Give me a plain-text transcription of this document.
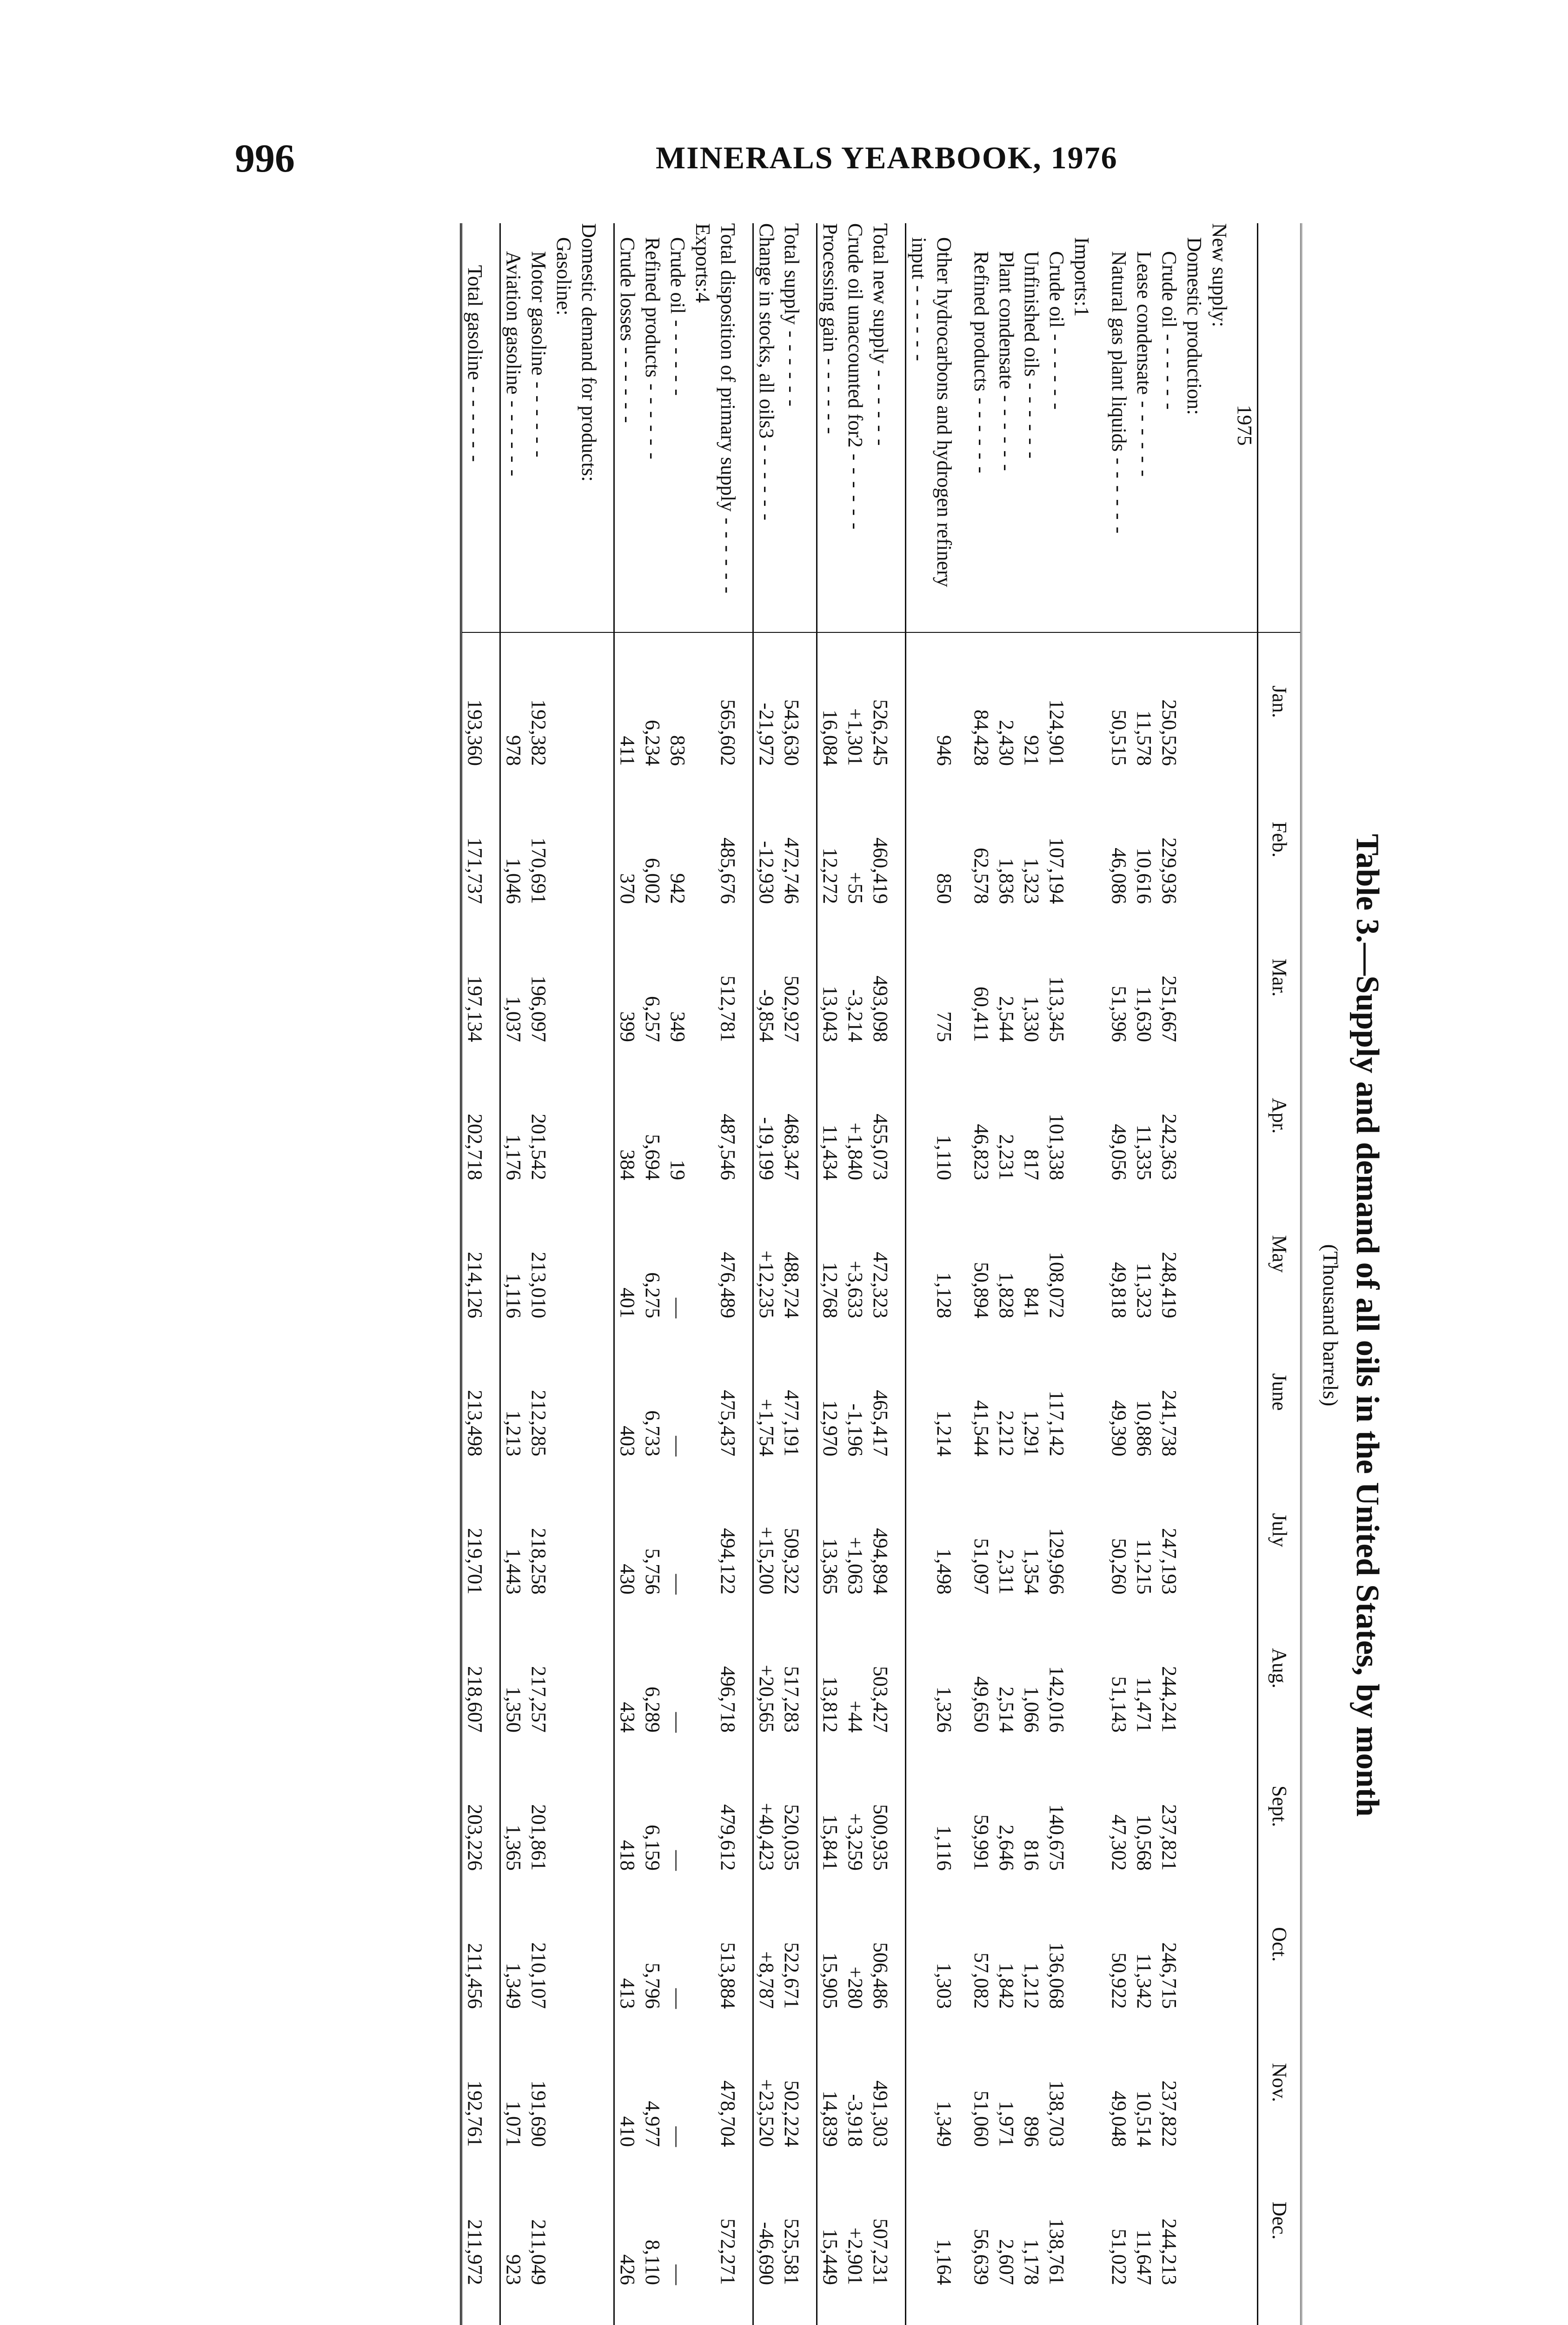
996	MINERALS YEARBOOK, 1976
Table 3.—Supply and demand of all oils in the United States, by month
(Thousand barrels)
	Jan.	Feb.	Mar.	Apr.	May	June	July	Aug.	Sept.	Oct.	Nov.	Dec.	
1975													
New supply:													
Domestic production:													
Crude oil - - -	250,526	229,936	251,667	242,363	248,419	241,738	247,193	244,241	237,821	246,715	237,822	244,213	
Lease condensate - - -	11,578	10,616	11,630	11,335	11,323	10,886	11,215	11,471	10,568	11,342	10,514	11,647	
Natural gas plant liquids - - -	50,515	46,086	51,396	49,056	49,818	49,390	50,260	51,143	47,302	50,922	49,048	51,022	

Imports:1													
Crude oil - - -	124,901	107,194	113,345	101,338	108,072	117,142	129,966	142,016	140,675	136,068	138,703	138,761	
Unfinished oils - - -	921	1,323	1,330	817	841	1,291	1,354	1,066	816	1,212	896	1,178	
Plant condensate - - -	2,430	1,836	2,544	2,231	1,828	2,212	2,311	2,514	2,646	1,842	1,971	2,607	
Refined products - - -	84,428	62,578	60,411	46,823	50,894	41,544	51,097	49,650	59,991	57,082	51,060	56,639	

Other hydrocarbons and hydrogen refinery input - - -	946	850	775	1,110	1,128	1,214	1,498	1,326	1,116	1,303	1,349	1,164	

Total new supply - - -	526,245	460,419	493,098	455,073	472,323	465,417	494,894	503,427	500,935	506,486	491,303	507,231	
Crude oil unaccounted for2 - - -	+1,301	+55	-3,214	+1,840	+3,633	-1,196	+1,063	+44	+3,259	+280	-3,918	+2,901	
Processing gain - - -	16,084	12,272	13,043	11,434	12,768	12,970	13,365	13,812	15,841	15,905	14,839	15,449	

Total supply - - -	543,630	472,746	502,927	468,347	488,724	477,191	509,322	517,283	520,035	522,671	502,224	525,581	
Change in stocks, all oils3 - - -	-21,972	-12,930	-9,854	-19,199	+12,235	+1,754	+15,200	+20,565	+40,423	+8,787	+23,520	-46,690	

Total disposition of primary supply - - -	565,602	485,676	512,781	487,546	476,489	475,437	494,122	496,718	479,612	513,884	478,704	572,271	
Exports:4													
Crude oil - - -	836	942	349	19	—	—	—	—	—	—	—	—	
Refined products - - -	6,234	6,002	6,257	5,694	6,275	6,733	5,756	6,289	6,159	5,796	4,977	8,110	
Crude losses - - -	411	370	399	384	401	403	430	434	418	413	410	426	

Domestic demand for products:													
Gasoline:													
Motor gasoline - - -	192,382	170,691	196,097	201,542	213,010	212,285	218,258	217,257	201,861	210,107	191,690	211,049	
Aviation gasoline - - -	978	1,046	1,037	1,176	1,116	1,213	1,443	1,350	1,365	1,349	1,071	923	

Total gasoline - - -	193,360	171,737	197,134	202,718	214,126	213,498	219,701	218,607	203,226	211,456	192,761	211,972	
